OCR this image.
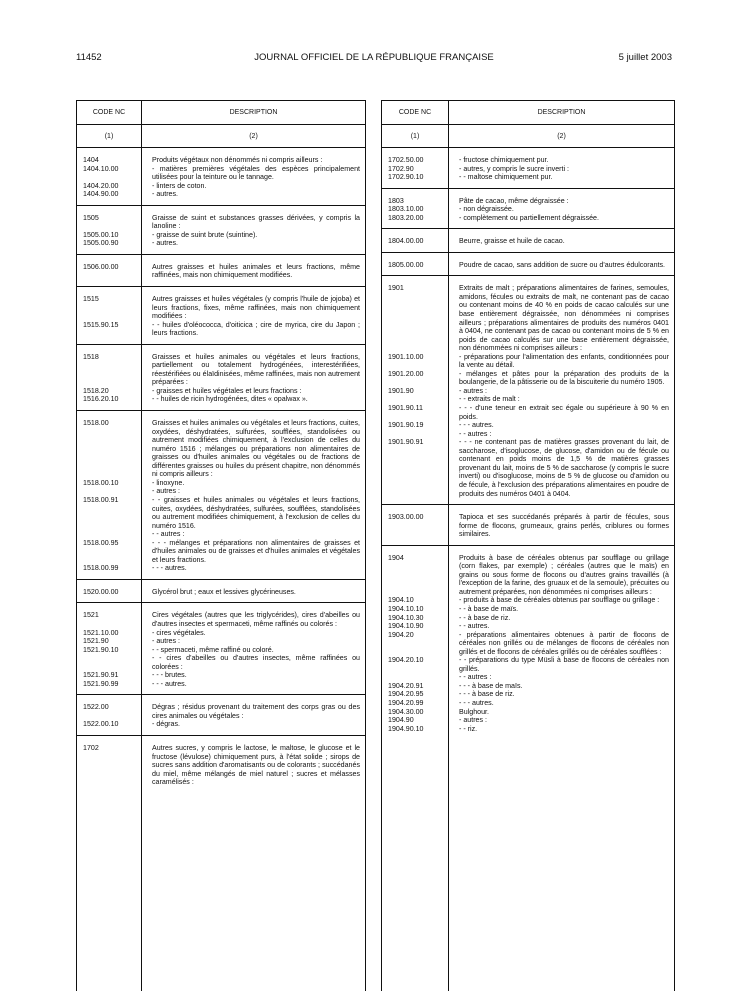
11452	JOURNAL OFFICIEL DE LA RÉPUBLIQUE FRANÇAISE	5 juillet 2003
CODE NC	DESCRIPTION
(1)	(2)
1404	Produits végétaux non dénommés ni compris ailleurs :
1404.10.00	- matières premières végétales des espèces principalement utilisées pour la teinture ou le tannage.
1404.20.00	- linters de coton.
1404.90.00	- autres.
1505	Graisse de suint et substances grasses dérivées, y compris la lanoline :
1505.00.10	- graisse de suint brute (suintine).
1505.00.90	- autres.
1506.00.00	Autres graisses et huiles animales et leurs fractions, même raffinées, mais non chimiquement modifiées.
1515	Autres graisses et huiles végétales (y compris l'huile de jojoba) et leurs fractions, fixes, même raffinées, mais non chimiquement modifiées :
1515.90.15	- - huiles d'oléococca, d'oiticica ; cire de myrica, cire du Japon ; leurs fractions.
1518	Graisses et huiles animales ou végétales et leurs fractions, partiellement ou totalement hydrogénées, interestérifiées, réestérifiées ou élaïdinisées, même raffinées, mais non autrement préparées :
1518.20	- graisses et huiles végétales et leurs fractions :
1516.20.10	- - huiles de ricin hydrogénées, dites « opalwax ».
1518.00	Graisses et huiles animales ou végétales et leurs fractions, cuites, oxydées, déshydratées, sulfurées, soufflées, standolisées ou autrement modifiées chimiquement, à l'exclusion de celles du numéro 1516 ; mélanges ou préparations non alimentaires de graisses ou d'huiles animales ou végétales ou de fractions de différentes graisses ou huiles du présent chapitre, non dénommés ni compris ailleurs :
1518.00.10	- linoxyne.
- autres :
1518.00.91	- - graisses et huiles animales ou végétales et leurs fractions, cuites, oxydées, déshydratées, sulfurées, soufflées, standolisées ou autrement modifiées chimiquement, à l'exclusion de celles du numéro 1516.
- - autres :
1518.00.95	- - - mélanges et préparations non alimentaires de graisses et d'huiles animales ou de graisses et d'huiles animales et végétales et leurs fractions.
1518.00.99	- - - autres.
1520.00.00	Glycérol brut ; eaux et lessives glycérineuses.
1521	Cires végétales (autres que les triglycérides), cires d'abeilles ou d'autres insectes et spermaceti, même raffinés ou colorés :
1521.10.00	- cires végétales.
1521.90	- autres :
1521.90.10	- - spermaceti, même raffiné ou coloré.
- - cires d'abeilles ou d'autres insectes, même raffinées ou colorées :
1521.90.91	- - - brutes.
1521.90.99	- - - autres.
1522.00	Dégras ; résidus provenant du traitement des corps gras ou des cires animales ou végétales :
1522.00.10	- dégras.
1702	Autres sucres, y compris le lactose, le maltose, le glucose et le fructose (lévulose) chimiquement purs, à l'état solide ; sirops de sucres sans addition d'aromatisants ou de colorants ; succédanés du miel, même mélangés de miel naturel ; sucres et mélasses caramélisés :
CODE NC	DESCRIPTION
(1)	(2)
1702.50.00	- fructose chimiquement pur.
1702.90	- autres, y compris le sucre inverti :
1702.90.10	- - maltose chimiquement pur.
1803	Pâte de cacao, même dégraissée :
1803.10.00	- non dégraissée.
1803.20.00	- complètement ou partiellement dégraissée.
1804.00.00	Beurre, graisse et huile de cacao.
1805.00.00	Poudre de cacao, sans addition de sucre ou d'autres édulcorants.
1901	Extraits de malt ; préparations alimentaires de farines, semoules, amidons, fécules ou extraits de malt, ne contenant pas de cacao ou contenant moins de 40 % en poids de cacao calculés sur une base entièrement dégraissée, non dénommées ni comprises ailleurs ; préparations alimentaires de produits des numéros 0401 à 0404, ne contenant pas de cacao ou contenant moins de 5 % en poids de cacao calculés sur une base entièrement dégraissée, non dénommées ni comprises ailleurs :
1901.10.00	- préparations pour l'alimentation des enfants, conditionnées pour la vente au détail.
1901.20.00	- mélanges et pâtes pour la préparation des produits de la boulangerie, de la pâtisserie ou de la biscuiterie du numéro 1905.
1901.90	- autres :
- - extraits de malt :
1901.90.11	- - - d'une teneur en extrait sec égale ou supérieure à 90 % en poids.
1901.90.19	- - - autres.
- - autres :
1901.90.91	- - - ne contenant pas de matières grasses provenant du lait, de saccharose, d'isoglucose, de glucose, d'amidon ou de fécule ou contenant en poids moins de 1,5 % de matières grasses provenant du lait, moins de 5 % de saccharose (y compris le sucre inverti) ou d'isoglucose, moins de 5 % de glucose ou d'amidon ou de fécule, à l'exclusion des préparations alimentaires en poudre de produits des numéros 0401 à 0404.
1903.00.00	Tapioca et ses succédanés préparés à partir de fécules, sous forme de flocons, grumeaux, grains perlés, criblures ou formes similaires.
1904	Produits à base de céréales obtenus par soufflage ou grillage (corn flakes, par exemple) ; céréales (autres que le maïs) en grains ou sous forme de flocons ou d'autres grains travaillés (à l'exception de la farine, des gruaux et de la semoule), précuites ou autrement préparées, non dénommées ni comprises ailleurs :
1904.10	- produits à base de céréales obtenus par soufflage ou grillage :
1904.10.10	- - à base de maïs.
1904.10.30	- - à base de riz.
1904.10.90	- - autres.
1904.20	- préparations alimentaires obtenues à partir de flocons de céréales non grillés ou de mélanges de flocons de céréales non grillés et de flocons de céréales grillés ou de céréales soufflées :
1904.20.10	- - préparations du type Müsli à base de flocons de céréales non grillés.
- - autres :
1904.20.91	- - - à base de maïs.
1904.20.95	- - - à base de riz.
1904.20.99	- - - autres.
1904.30.00	Bulghour.
1904.90	- autres :
1904.90.10	- - riz.
